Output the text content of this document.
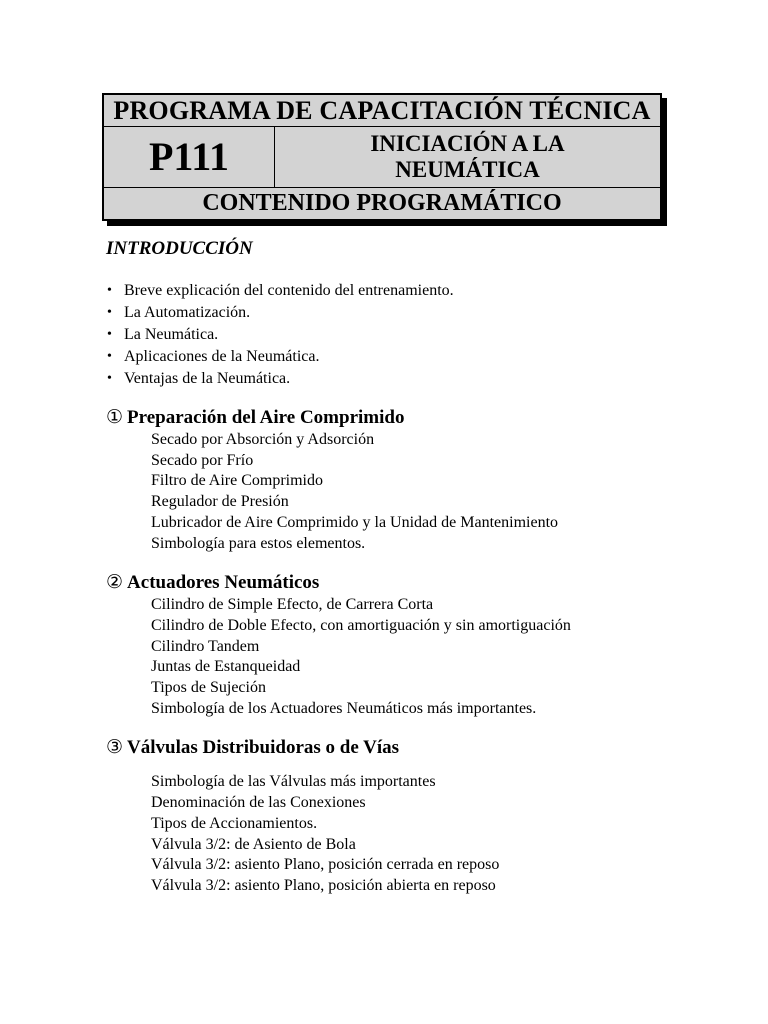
PROGRAMA DE CAPACITACIÓN TÉCNICA
P111	INICIACIÓN A LA
NEUMÁTICA
CONTENIDO PROGRAMÁTICO
INTRODUCCIÓN
• Breve explicación del contenido del entrenamiento.
• La Automatización.
• La Neumática.
• Aplicaciones de la Neumática.
• Ventajas de la Neumática.
① Preparación del Aire Comprimido
Secado por Absorción y Adsorción
Secado por Frío
Filtro de Aire Comprimido
Regulador de Presión
Lubricador de Aire Comprimido y la Unidad de Mantenimiento
Simbología para estos elementos.
② Actuadores Neumáticos
Cilindro de Simple Efecto, de Carrera Corta
Cilindro de Doble Efecto, con amortiguación y sin amortiguación
Cilindro Tandem
Juntas de Estanqueidad
Tipos de Sujeción
Simbología de los Actuadores Neumáticos más importantes.
③ Válvulas Distribuidoras o de Vías
Simbología de las Válvulas más importantes
Denominación de las Conexiones
Tipos de Accionamientos.
Válvula 3/2: de Asiento de Bola
Válvula 3/2: asiento Plano, posición cerrada en reposo
Válvula 3/2: asiento Plano, posición abierta en reposo
